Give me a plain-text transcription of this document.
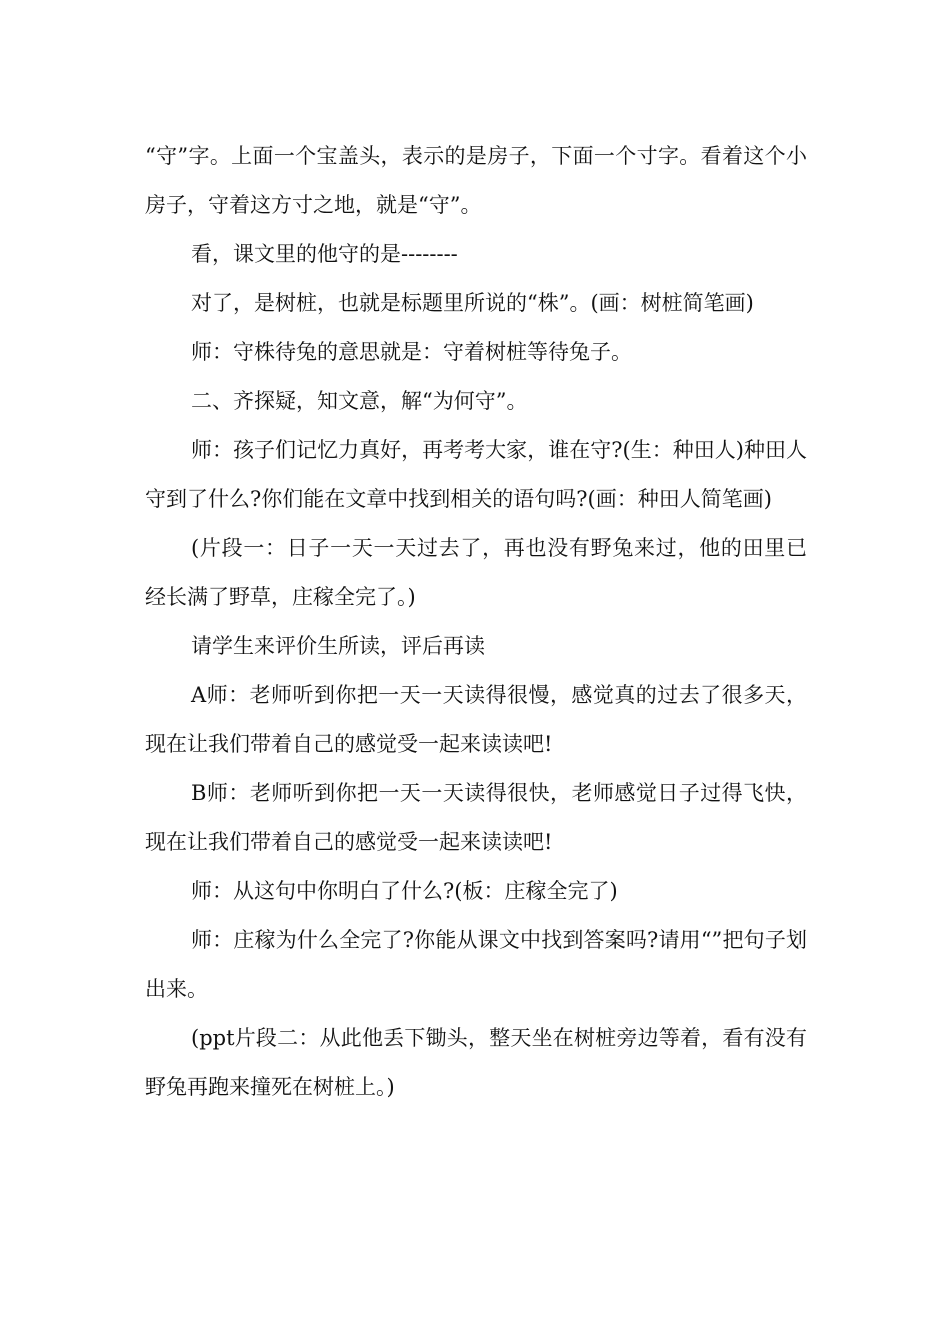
“守”字。上面一个宝盖头，表示的是房子，下面一个寸字。看着这个小房子，守着这方寸之地，就是“守”。

看，课文里的他守的是--------

对了，是树桩，也就是标题里所说的“株”。(画：树桩简笔画)

师：守株待兔的意思就是：守着树桩等待兔子。

二、齐探疑，知文意，解“为何守”。

师：孩子们记忆力真好，再考考大家，谁在守?(生：种田人)种田人守到了什么?你们能在文章中找到相关的语句吗?(画：种田人简笔画)

(片段一：日子一天一天过去了，再也没有野兔来过，他的田里已经长满了野草，庄稼全完了。)

请学生来评价生所读，评后再读

A师：老师听到你把一天一天读得很慢，感觉真的过去了很多天，现在让我们带着自己的感觉受一起来读读吧!

B师：老师听到你把一天一天读得很快，老师感觉日子过得飞快，现在让我们带着自己的感觉受一起来读读吧!

师：从这句中你明白了什么?(板：庄稼全完了)

师：庄稼为什么全完了?你能从课文中找到答案吗?请用“”把句子划出来。

(ppt片段二：从此他丢下锄头，整天坐在树桩旁边等着，看有没有野兔再跑来撞死在树桩上。)
